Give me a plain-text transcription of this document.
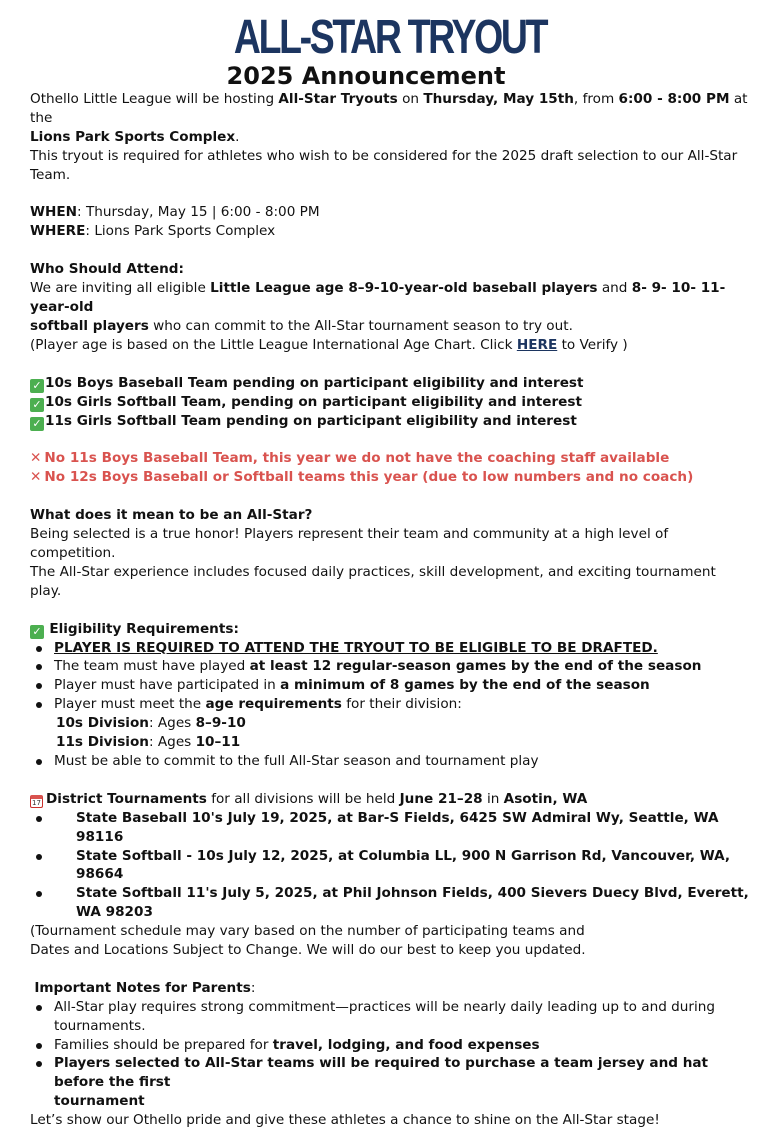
ALL-STAR TRYOUT
2025 Announcement

Othello Little League will be hosting All-Star Tryouts on Thursday, May 15th, from 6:00 - 8:00 PM at the

Lions Park Sports Complex.

This tryout is required for athletes who wish to be considered for the 2025 draft selection to our All-Star

Team.

WHEN: Thursday, May 15 | 6:00 - 8:00 PM

WHERE: Lions Park Sports Complex

Who Should Attend:

We are inviting all eligible Little League age 8–9-10-year-old baseball players and 8- 9- 10- 11-year-old

softball players who can commit to the All-Star tournament season to try out.

(Player age is based on the Little League International Age Chart. Click HERE to Verify )

✓ 10s Boys Baseball Team pending on participant eligibility and interest

✓ 10s Girls Softball Team, pending on participant eligibility and interest

✓ 11s Girls Softball Team pending on participant eligibility and interest

✕ No 11s Boys Baseball Team, this year we do not have the coaching staff available

✕ No 12s Boys Baseball or Softball teams this year (due to low numbers and no coach)

What does it mean to be an All-Star?

Being selected is a true honor! Players represent their team and community at a high level of competition.

The All-Star experience includes focused daily practices, skill development, and exciting tournament play.

✓ Eligibility Requirements:

PLAYER IS REQUIRED TO ATTEND THE TRYOUT TO BE ELIGIBLE TO BE DRAFTED.
The team must have played at least 12 regular-season games by the end of the season
Player must have participated in a minimum of 8 games by the end of the season
Player must meet the age requirements for their division:

10s Division: Ages 8–9-10

11s Division: Ages 10–11

Must be able to commit to the full All-Star season and tournament play

17 District Tournaments for all divisions will be held June 21–28 in Asotin, WA

State Baseball 10's July 19, 2025, at Bar-S Fields, 6425 SW Admiral Wy, Seattle, WA 98116
State Softball - 10s July 12, 2025, at Columbia LL, 900 N Garrison Rd, Vancouver, WA, 98664
State Softball 11's July 5, 2025, at Phil Johnson Fields, 400 Sievers Duecy Blvd, Everett, WA 98203

(Tournament schedule may vary based on the number of participating teams and

Dates and Locations Subject to Change. We will do our best to keep you updated.

Important Notes for Parents:

All-Star play requires strong commitment—practices will be nearly daily leading up to and during
tournaments.
Families should be prepared for travel, lodging, and food expenses
Players selected to All-Star teams will be required to purchase a team jersey and hat before the first
tournament

Let’s show our Othello pride and give these athletes a chance to shine on the All-Star stage!
